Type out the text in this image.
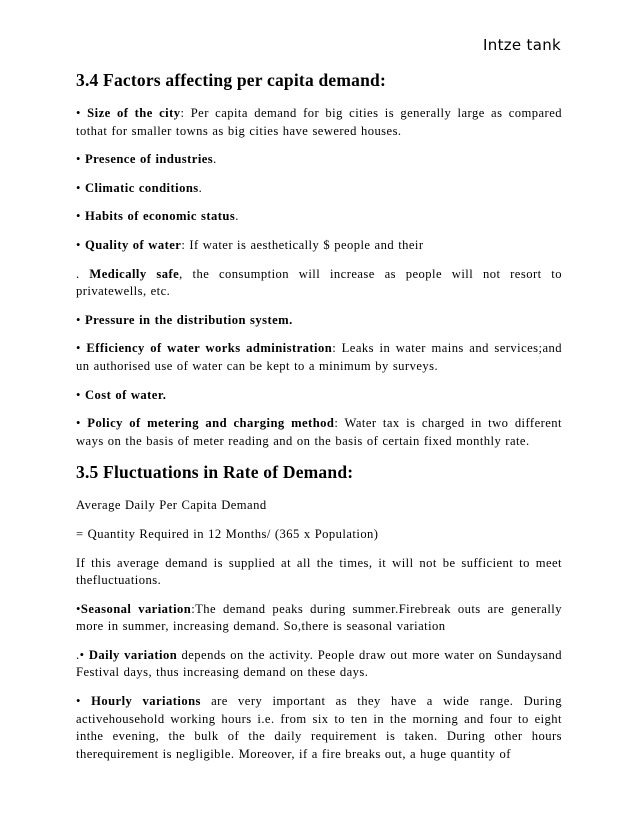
Intze tank
3.4 Factors affecting per capita demand:

• Size of the city: Per capita demand for big cities is generally large as compared tothat for smaller towns as big cities have sewered houses.

• Presence of industries.

• Climatic conditions.

• Habits of economic status.

• Quality of water: If water is aesthetically $ people and their

. Medically safe, the consumption will increase as people will not resort to privatewells, etc.

• Pressure in the distribution system.

• Efficiency of water works administration: Leaks in water mains and services;and un authorised use of water can be kept to a minimum by surveys.

• Cost of water.

• Policy of metering and charging method: Water tax is charged in two different ways on the basis of meter reading and on the basis of certain fixed monthly rate.

3.5 Fluctuations in Rate of Demand:

Average Daily Per Capita Demand

= Quantity Required in 12 Months/ (365 x Population)

If this average demand is supplied at all the times, it will not be sufficient to meet thefluctuations.

•Seasonal variation:The demand peaks during summer.Firebreak outs are generally more in summer, increasing demand. So,there is seasonal variation

.• Daily variation depends on the activity. People draw out more water on Sundaysand Festival days, thus increasing demand on these days.

• Hourly variations are very important as they have a wide range. During activehousehold working hours i.e. from six to ten in the morning and four to eight inthe evening, the bulk of the daily requirement is taken. During other hours therequirement is negligible. Moreover, if a fire breaks out, a huge quantity of
